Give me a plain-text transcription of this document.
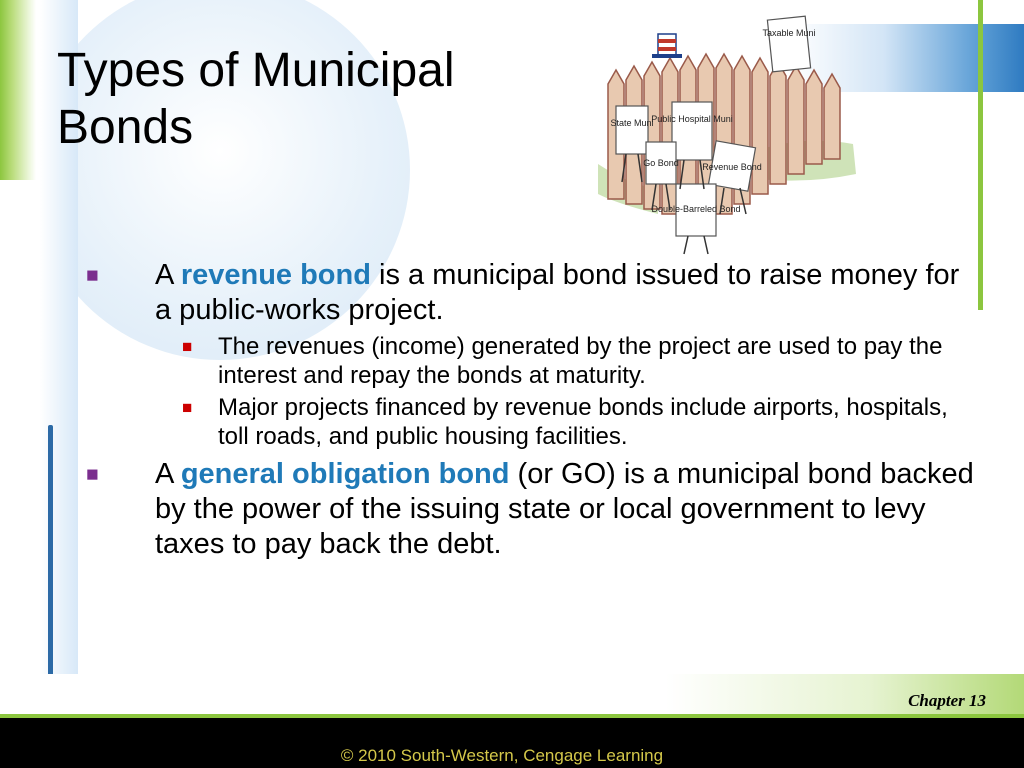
Types of Municipal Bonds
Taxable Muni
State Muni
Public Hospital Muni
Go Bond	Revenue Bond
Double-Barreled Bond
■ A revenue bond is a municipal bond issued to raise money for a public-works project.
■ The revenues (income) generated by the project are used to pay the interest and repay the bonds at maturity.
■ Major projects financed by revenue bonds include airports, hospitals, toll roads, and public housing facilities.
■ A general obligation bond (or GO) is a municipal bond backed by the power of the issuing state or local government to levy taxes to pay back the debt.
Chapter 13
© 2010 South-Western, Cengage Learning
